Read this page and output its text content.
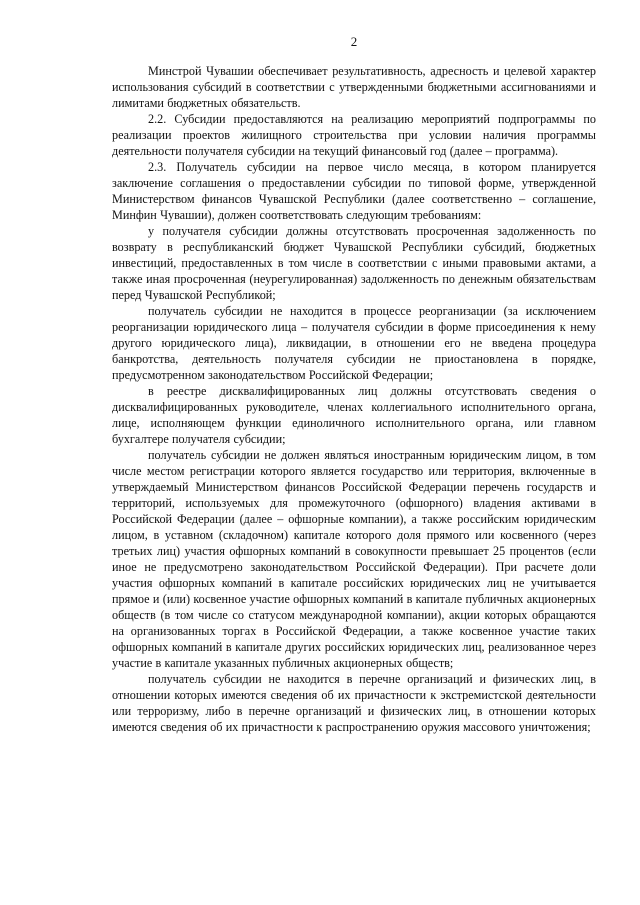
2

Минстрой Чувашии обеспечивает результативность, адресность и целевой характер использования субсидий в соответствии с утвержденными бюджетными ассигнованиями и лимитами бюджетных обязательств.

2.2. Субсидии предоставляются на реализацию мероприятий подпрограммы по реализации проектов жилищного строительства при условии наличия программы деятельности получателя субсидии на текущий финансовый год (далее – программа).

2.3. Получатель субсидии на первое число месяца, в котором планируется заключение соглашения о предоставлении субсидии по типовой форме, утвержденной Министерством финансов Чувашской Республики (далее соответственно – соглашение, Минфин Чувашии), должен соответствовать следующим требованиям:

у получателя субсидии должны отсутствовать просроченная задолженность по возврату в республиканский бюджет Чувашской Республики субсидий, бюджетных инвестиций, предоставленных в том числе в соответствии с иными правовыми актами, а также иная просроченная (неурегулированная) задолженность по денежным обязательствам перед Чувашской Республикой;

получатель субсидии не находится в процессе реорганизации (за исключением реорганизации юридического лица – получателя субсидии в форме присоединения к нему другого юридического лица), ликвидации, в отношении его не введена процедура банкротства, деятельность получателя субсидии не приостановлена в порядке, предусмотренном законодательством Российской Федерации;

в реестре дисквалифицированных лиц должны отсутствовать сведения о дисквалифицированных руководителе, членах коллегиального исполнительного органа, лице, исполняющем функции единоличного исполнительного органа, или главном бухгалтере получателя субсидии;

получатель субсидии не должен являться иностранным юридическим лицом, в том числе местом регистрации которого является государство или территория, включенные в утверждаемый Министерством финансов Российской Федерации перечень государств и территорий, используемых для промежуточного (офшорного) владения активами в Российской Федерации (далее – офшорные компании), а также российским юридическим лицом, в уставном (складочном) капитале которого доля прямого или косвенного (через третьих лиц) участия офшорных компаний в совокупности превышает 25 процентов (если иное не предусмотрено законодательством Российской Федерации). При расчете доли участия офшорных компаний в капитале российских юридических лиц не учитывается прямое и (или) косвенное участие офшорных компаний в капитале публичных акционерных обществ (в том числе со статусом международной компании), акции которых обращаются на организованных торгах в Российской Федерации, а также косвенное участие таких офшорных компаний в капитале других российских юридических лиц, реализованное через участие в капитале указанных публичных акционерных обществ;

получатель субсидии не находится в перечне организаций и физических лиц, в отношении которых имеются сведения об их причастности к экстремистской деятельности или терроризму, либо в перечне организаций и физических лиц, в отношении которых имеются сведения об их причастности к распространению оружия массового уничтожения;
